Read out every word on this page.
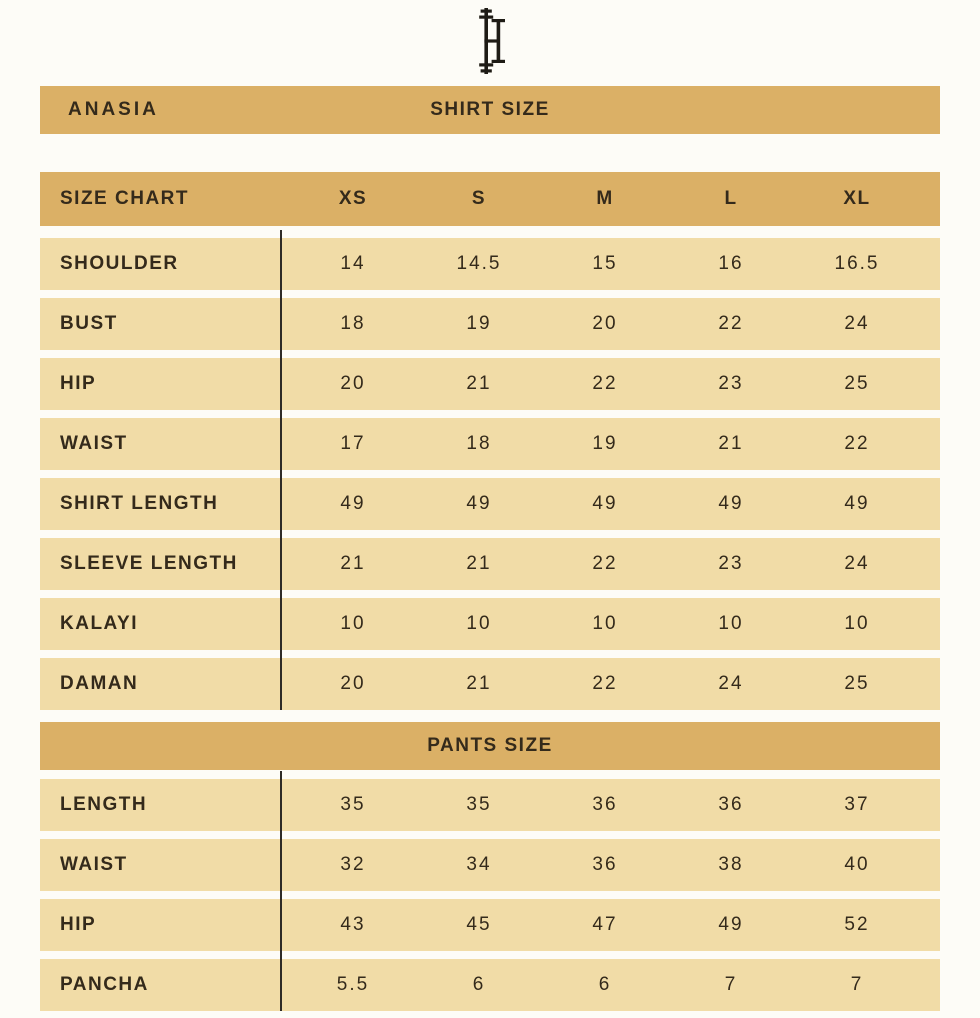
SHIRT SIZE
ANASIA
SIZE CHART	XS	S	M	L	XL
SHOULDER	14	14.5	15	16	16.5
BUST	18	19	20	22	24
HIP	20	21	22	23	25
WAIST	17	18	19	21	22
SHIRT LENGTH	49	49	49	49	49
SLEEVE LENGTH	21	21	22	23	24
KALAYI	10	10	10	10	10
DAMAN	20	21	22	24	25
PANTS SIZE
LENGTH	35	35	36	36	37
WAIST	32	34	36	38	40
HIP	43	45	47	49	52
PANCHA	5.5	6	6	7	7
